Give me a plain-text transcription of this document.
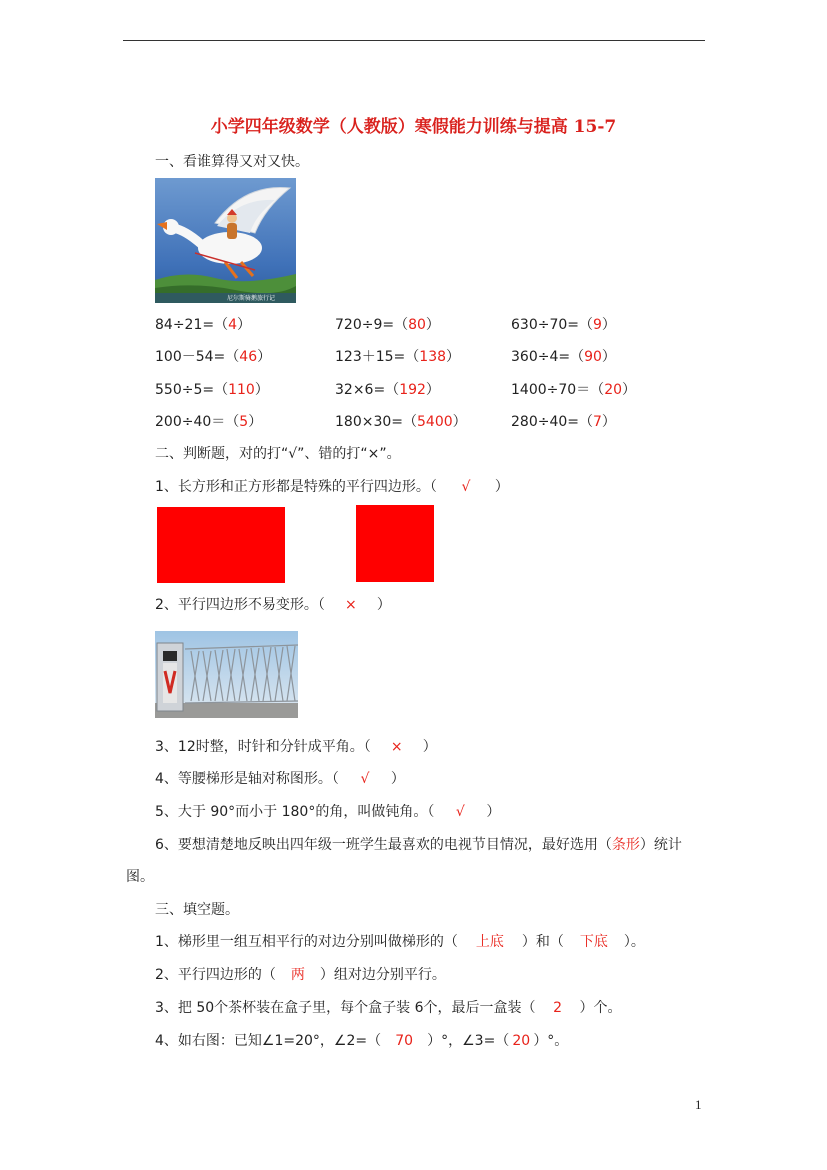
小学四年级数学（人教版）寒假能力训练与提高 15-7
一、看谁算得又对又快。
尼尔斯骑鹅旅行记
84÷21=（4）	720÷9=（80）	630÷70=（9）
100－54=（46）	123＋15=（138）	360÷4=（90）
550÷5=（110）	32×6=（192）	1400÷70＝（20）
200÷40＝（5）	180×30=（5400）	280÷40=（7）
二、判断题，对的打“√”、错的打“×”。
1、长方形和正方形都是特殊的平行四边形。（ √ ）
2、平行四边形不易变形。（ × ）
3、12时整，时针和分针成平角。（ × ）
4、等腰梯形是轴对称图形。（ √ ）
5、大于 90°而小于 180°的角，叫做钝角。（ √ ）
6、要想清楚地反映出四年级一班学生最喜欢的电视节目情况，最好选用（条形）统计
图。
三、填空题。
1、梯形里一组互相平行的对边分别叫做梯形的（ 上底 ）和（ 下底 ）。
2、平行四边形的（ 两 ）组对边分别平行。
3、把 50个茶杯装在盒子里，每个盒子装 6个，最后一盒装（ 2 ）个。
4、如右图：已知∠1=20°，∠2=（ 70 ）°，∠3=（ 20 ）°。
1
